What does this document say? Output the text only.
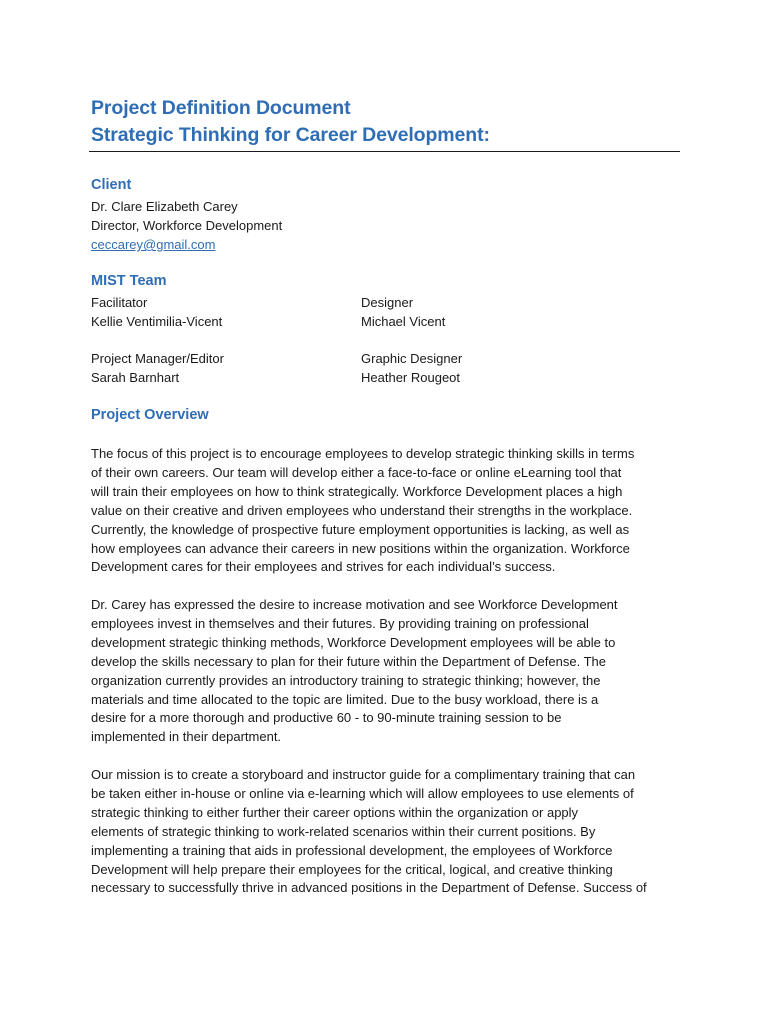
Project Definition Document
Strategic Thinking for Career Development:
Client
Dr. Clare Elizabeth Carey
Director, Workforce Development
ceccarey@gmail.com
MIST Team
Facilitator
Kellie Ventimilia-Vicent
Designer
Michael Vicent
Project Manager/Editor
Sarah Barnhart
Graphic Designer
Heather Rougeot
Project Overview
The focus of this project is to encourage employees to develop strategic thinking skills in terms
of their own careers. Our team will develop either a face-to-face or online eLearning tool that
will train their employees on how to think strategically. Workforce Development places a high
value on their creative and driven employees who understand their strengths in the workplace.
Currently, the knowledge of prospective future employment opportunities is lacking, as well as
how employees can advance their careers in new positions within the organization. Workforce
Development cares for their employees and strives for each individual’s success.
Dr. Carey has expressed the desire to increase motivation and see Workforce Development
employees invest in themselves and their futures. By providing training on professional
development strategic thinking methods, Workforce Development employees will be able to
develop the skills necessary to plan for their future within the Department of Defense. The
organization currently provides an introductory training to strategic thinking; however, the
materials and time allocated to the topic are limited. Due to the busy workload, there is a
desire for a more thorough and productive 60 - to 90-minute training session to be
implemented in their department.
Our mission is to create a storyboard and instructor guide for a complimentary training that can
be taken either in-house or online via e-learning which will allow employees to use elements of
strategic thinking to either further their career options within the organization or apply
elements of strategic thinking to work-related scenarios within their current positions. By
implementing a training that aids in professional development, the employees of Workforce
Development will help prepare their employees for the critical, logical, and creative thinking
necessary to successfully thrive in advanced positions in the Department of Defense. Success of
